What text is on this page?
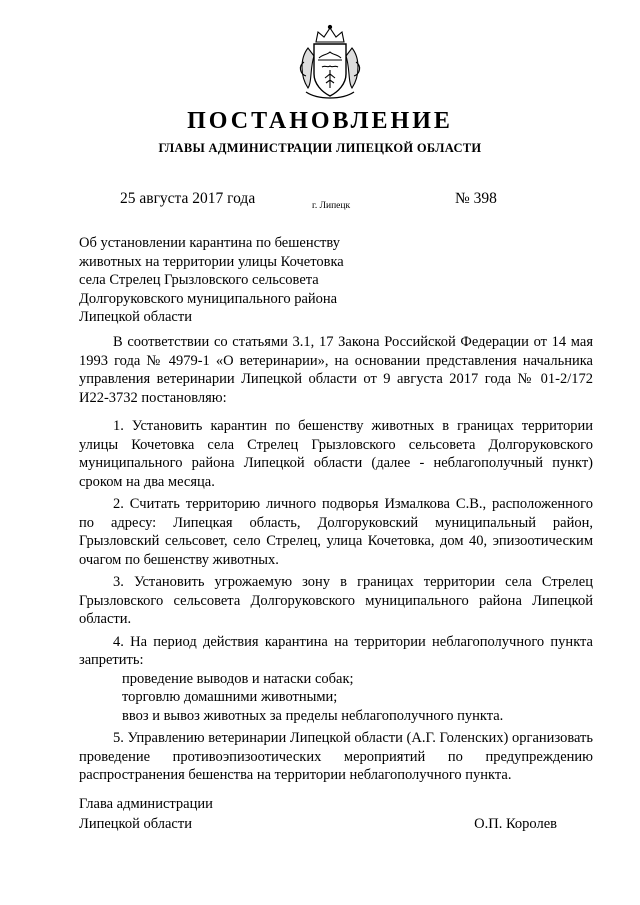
ПОСТАНОВЛЕНИЕ
ГЛАВЫ АДМИНИСТРАЦИИ ЛИПЕЦКОЙ ОБЛАСТИ
25 августа 2017 года	г. Липецк	№ 398
Об установлении карантина по бешенству
животных на территории улицы Кочетовка
села Стрелец Грызловского сельсовета
Долгоруковского муниципального района
Липецкой области

В соответствии со статьями 3.1, 17 Закона Российской Федерации от 14 мая 1993 года № 4979-1 «О ветеринарии», на основании представления начальника управления ветеринарии Липецкой области от 9 августа 2017 года № 01-2/172 И22-3732 постановляю:

1. Установить карантин по бешенству животных в границах территории улицы Кочетовка села Стрелец Грызловского сельсовета Долгоруковского муниципального района Липецкой области (далее - неблагополучный пункт) сроком на два месяца.

2. Считать территорию личного подворья Измалкова С.В., расположенного по адресу: Липецкая область, Долгоруковский муниципальный район, Грызловский сельсовет, село Стрелец, улица Кочетовка, дом 40, эпизоотическим очагом по бешенству животных.

3. Установить угрожаемую зону в границах территории села Стрелец Грызловского сельсовета Долгоруковского муниципального района Липецкой области.

4. На период действия карантина на территории неблагополучного пункта запретить:

проведение выводов и натаски собак;

торговлю домашними животными;

ввоз и вывоз животных за пределы неблагополучного пункта.

5. Управлению ветеринарии Липецкой области (А.Г. Голенских) организовать проведение противоэпизоотических мероприятий по предупреждению распространения бешенства на территории неблагополучного пункта.

Глава администрации
Липецкой области	О.П. Королев
